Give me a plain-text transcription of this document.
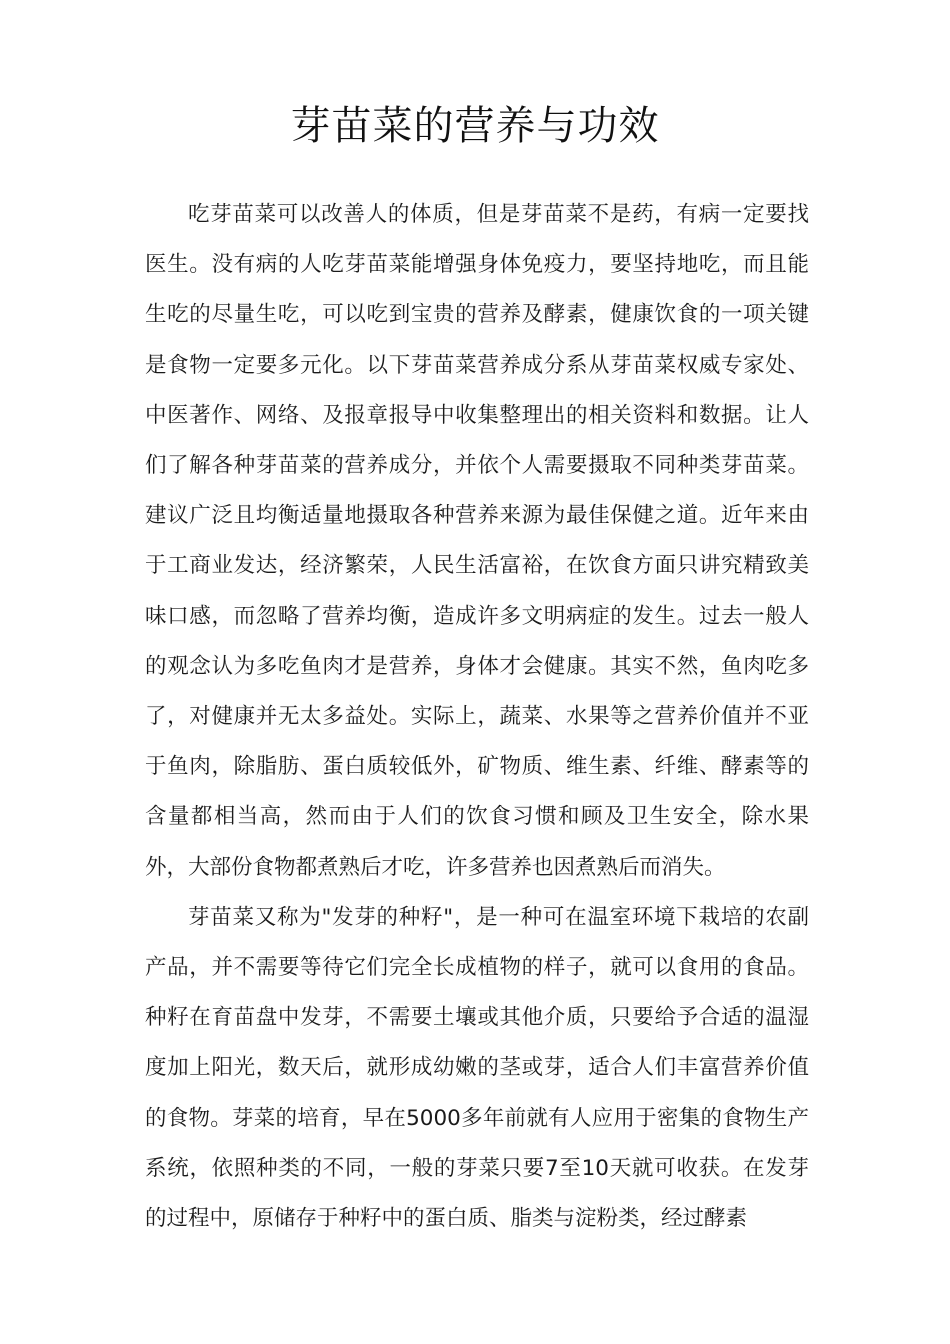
芽苗菜的营养与功效

吃芽苗菜可以改善人的体质，但是芽苗菜不是药，有病一定要找医生。没有病的人吃芽苗菜能增强身体免疫力，要坚持地吃，而且能生吃的尽量生吃，可以吃到宝贵的营养及酵素，健康饮食的一项关键是食物一定要多元化。以下芽苗菜营养成分系从芽苗菜权威专家处、中医著作、网络、及报章报导中收集整理出的相关资料和数据。让人们了解各种芽苗菜的营养成分，并依个人需要摄取不同种类芽苗菜。建议广泛且均衡适量地摄取各种营养来源为最佳保健之道。近年来由于工商业发达，经济繁荣，人民生活富裕，在饮食方面只讲究精致美味口感，而忽略了营养均衡，造成许多文明病症的发生。过去一般人的观念认为多吃鱼肉才是营养，身体才会健康。其实不然，鱼肉吃多了，对健康并无太多益处。实际上，蔬菜、水果等之营养价值并不亚于鱼肉，除脂肪、蛋白质较低外，矿物质、维生素、纤维、酵素等的含量都相当高，然而由于人们的饮食习惯和顾及卫生安全，除水果外，大部份食物都煮熟后才吃，许多营养也因煮熟后而消失。

芽苗菜又称为"发芽的种籽"，是一种可在温室环境下栽培的农副产品，并不需要等待它们完全长成植物的样子，就可以食用的食品。种籽在育苗盘中发芽，不需要土壤或其他介质，只要给予合适的温湿度加上阳光，数天后，就形成幼嫩的茎或芽，适合人们丰富营养价值的食物。芽菜的培育，早在5000多年前就有人应用于密集的食物生产系统，依照种类的不同，一般的芽菜只要7至10天就可收获。在发芽的过程中，原储存于种籽中的蛋白质、脂类与淀粉类，经过酵素
